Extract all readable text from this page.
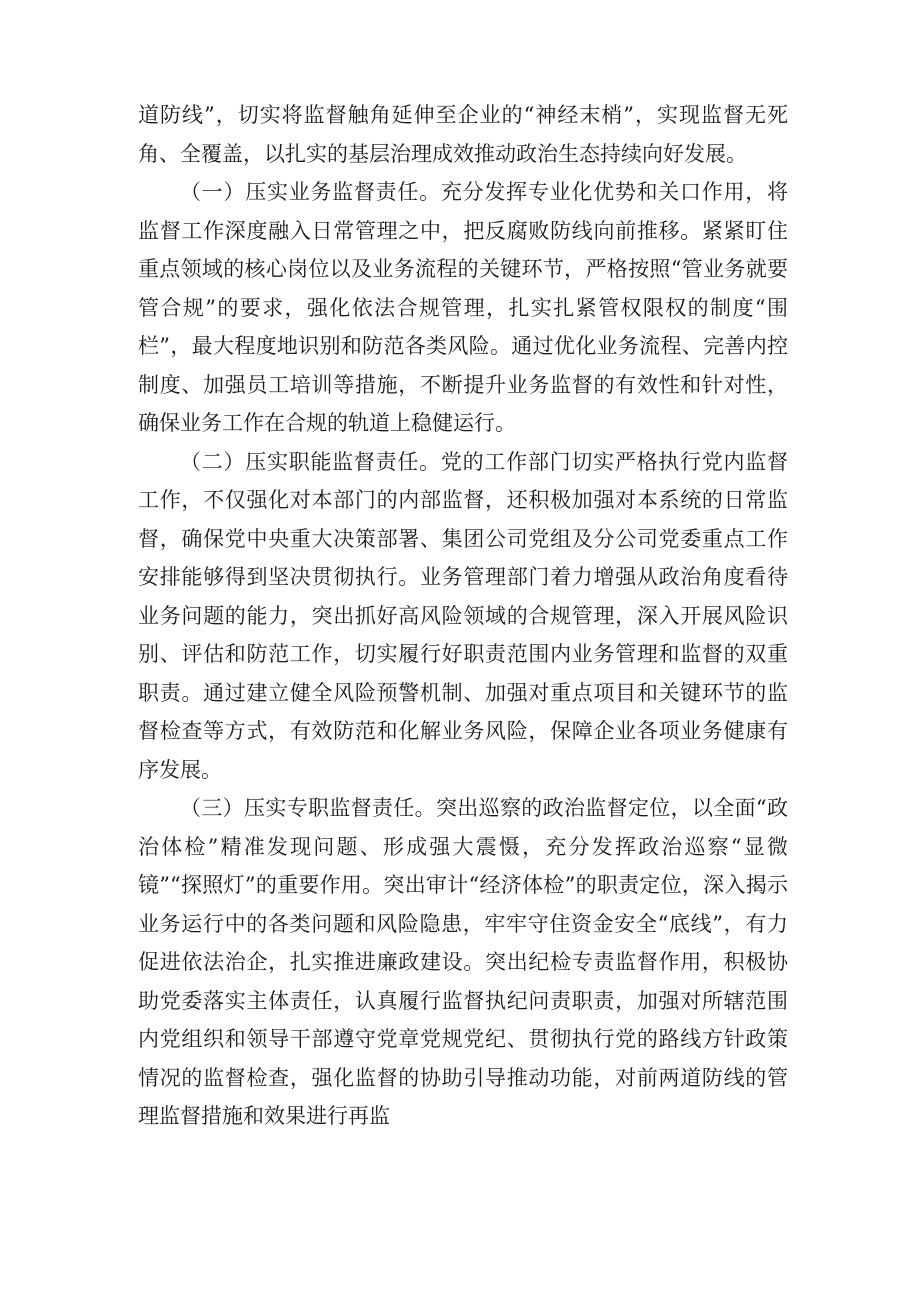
道防线”，切实将监督触角延伸至企业的“神经末梢”，实现监督无死角、全覆盖，以扎实的基层治理成效推动政治生态持续向好发展。

（一）压实业务监督责任。充分发挥专业化优势和关口作用，将监督工作深度融入日常管理之中，把反腐败防线向前推移。紧紧盯住重点领域的核心岗位以及业务流程的关键环节，严格按照“管业务就要管合规”的要求，强化依法合规管理，扎实扎紧管权限权的制度“围栏”，最大程度地识别和防范各类风险。通过优化业务流程、完善内控制度、加强员工培训等措施，不断提升业务监督的有效性和针对性，确保业务工作在合规的轨道上稳健运行。

（二）压实职能监督责任。党的工作部门切实严格执行党内监督工作，不仅强化对本部门的内部监督，还积极加强对本系统的日常监督，确保党中央重大决策部署、集团公司党组及分公司党委重点工作安排能够得到坚决贯彻执行。业务管理部门着力增强从政治角度看待业务问题的能力，突出抓好高风险领域的合规管理，深入开展风险识别、评估和防范工作，切实履行好职责范围内业务管理和监督的双重职责。通过建立健全风险预警机制、加强对重点项目和关键环节的监督检查等方式，有效防范和化解业务风险，保障企业各项业务健康有序发展。

（三）压实专职监督责任。突出巡察的政治监督定位，以全面“政治体检”精准发现问题、形成强大震慑，充分发挥政治巡察“显微镜”“探照灯”的重要作用。突出审计“经济体检”的职责定位，深入揭示业务运行中的各类问题和风险隐患，牢牢守住资金安全“底线”，有力促进依法治企，扎实推进廉政建设。突出纪检专责监督作用，积极协助党委落实主体责任，认真履行监督执纪问责职责，加强对所辖范围内党组织和领导干部遵守党章党规党纪、贯彻执行党的路线方针政策情况的监督检查，强化监督的协助引导推动功能，对前两道防线的管理监督措施和效果进行再监
